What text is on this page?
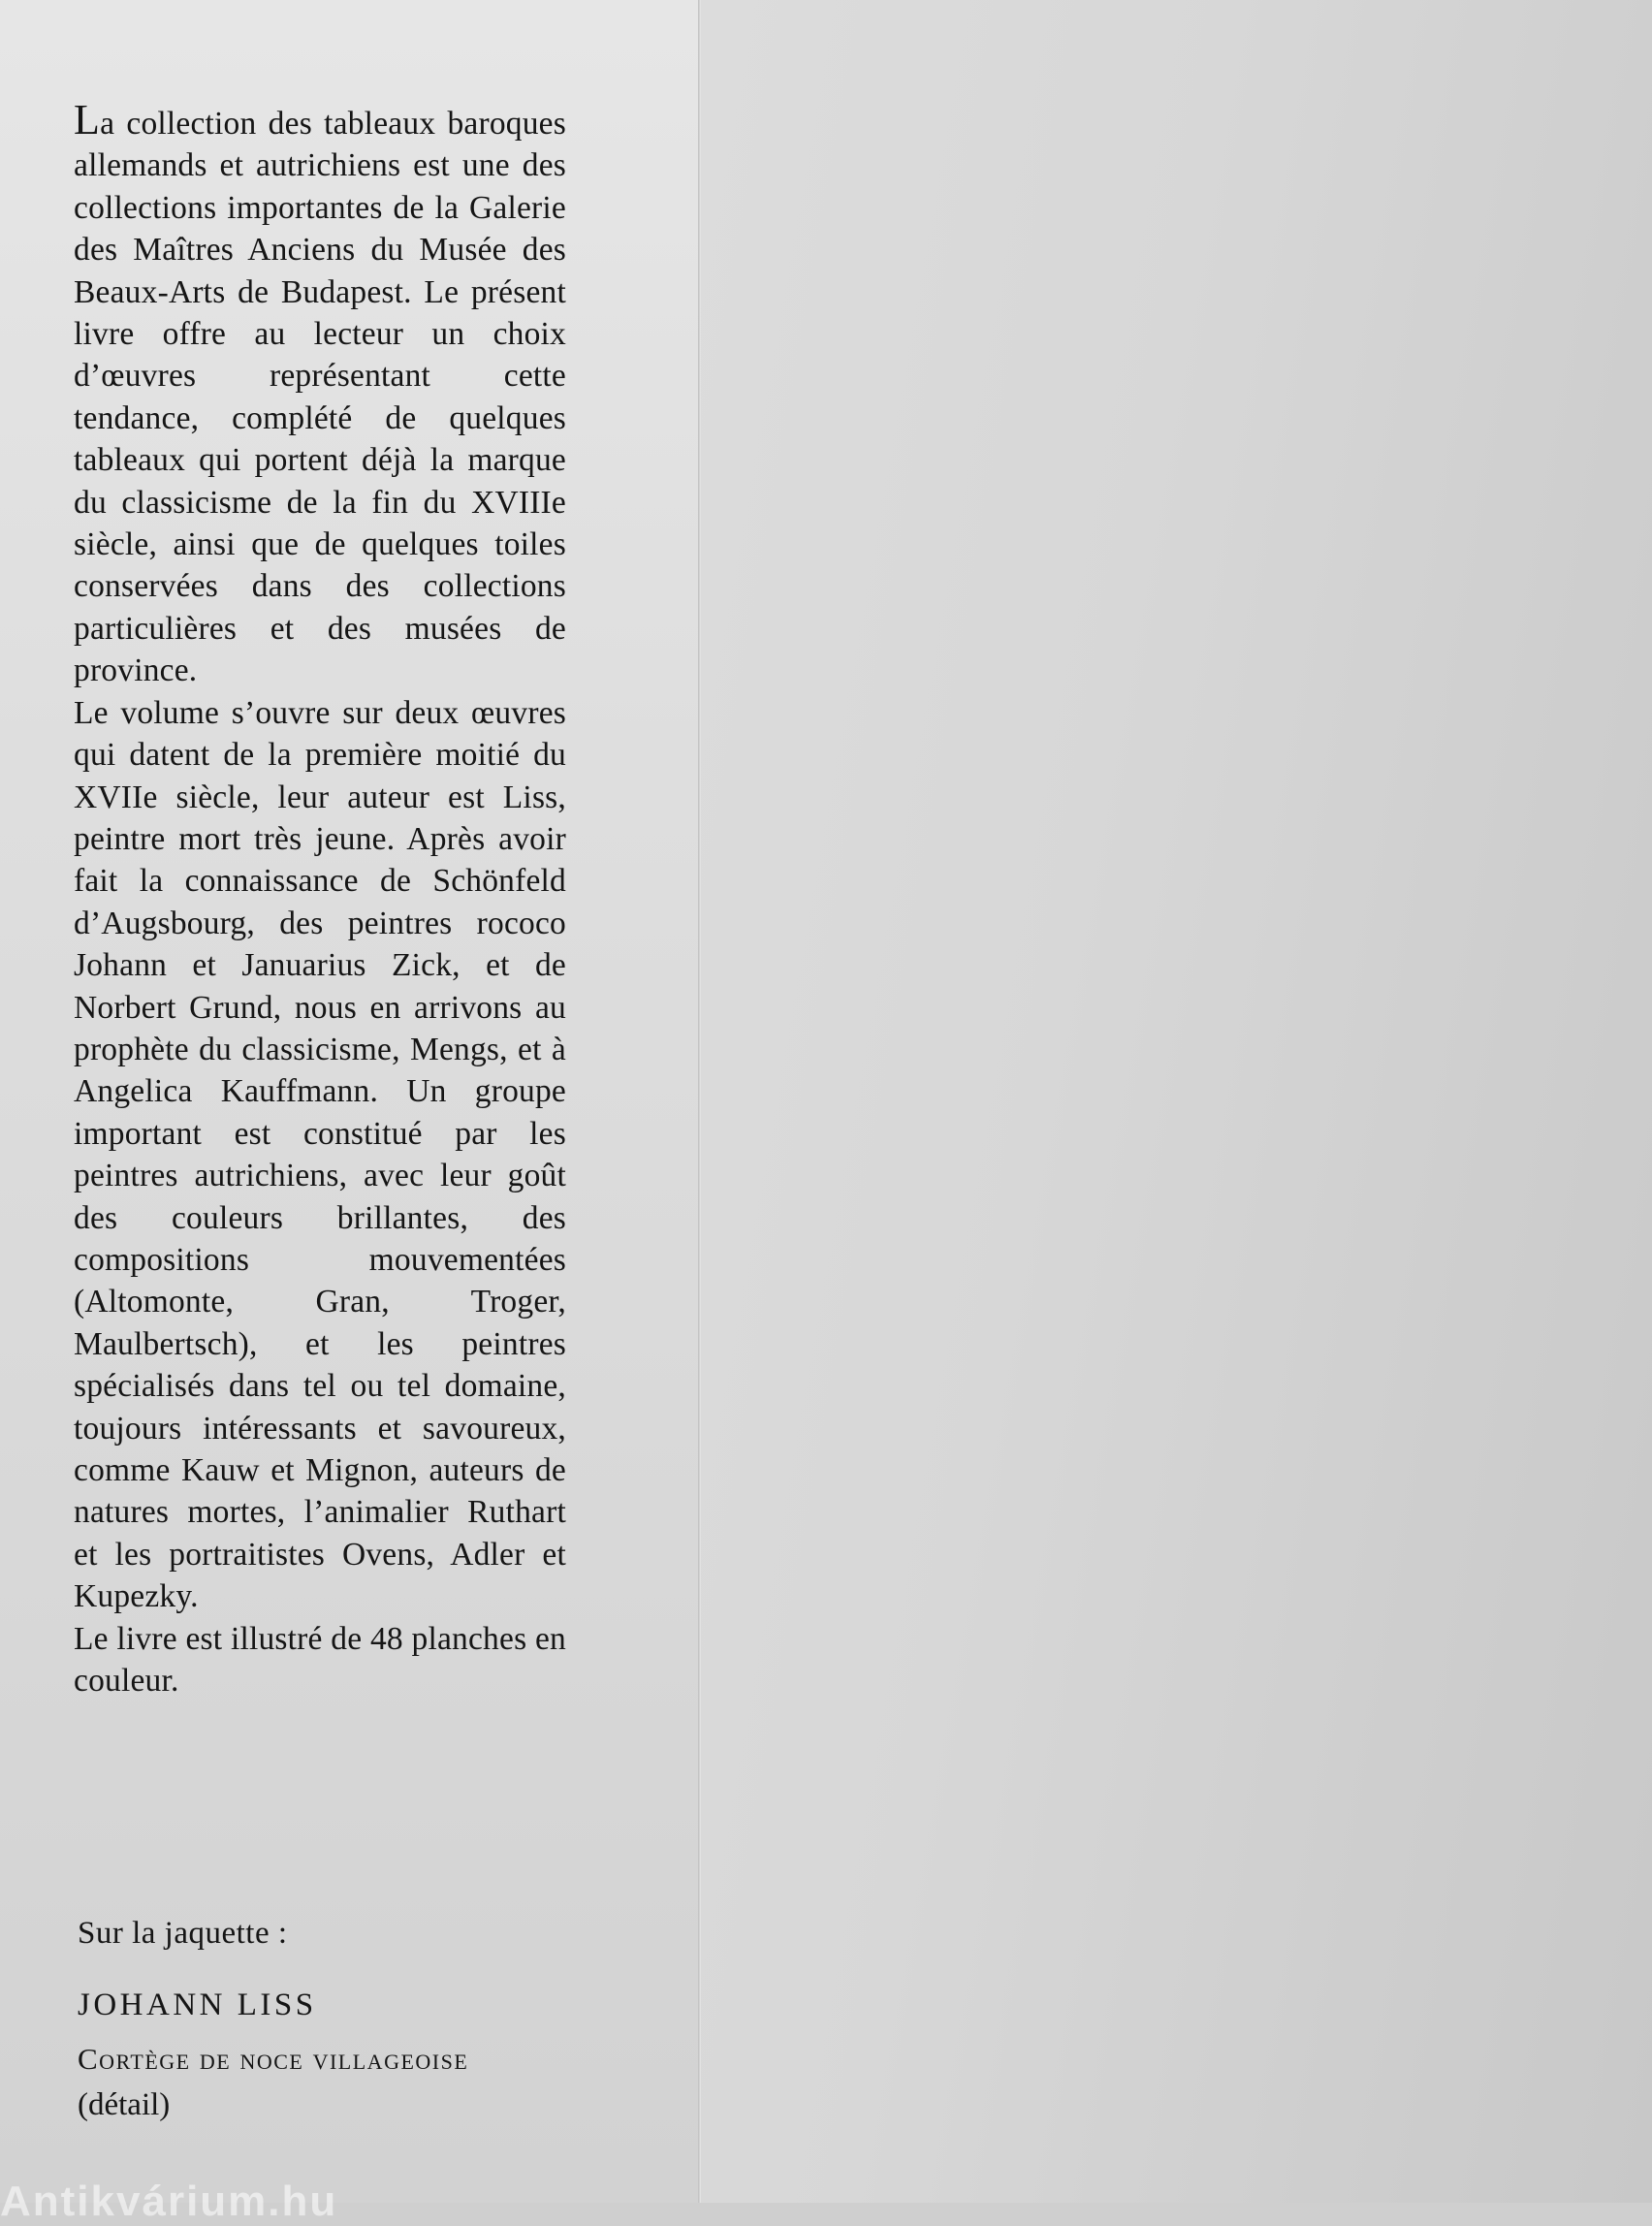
La collection des tableaux baroques allemands et autrichiens est une des collections importantes de la Galerie des Maîtres Anciens du Musée des Beaux-Arts de Budapest. Le présent livre offre au lecteur un choix d’œuvres représentant cette tendance, complété de quelques tableaux qui portent déjà la marque du classicisme de la fin du XVIIIe siècle, ainsi que de quelques toiles conservées dans des collections particulières et des musées de province.

Le volume s’ouvre sur deux œuvres qui datent de la première moitié du XVIIe siècle, leur auteur est Liss, peintre mort très jeune. Après avoir fait la connaissance de Schönfeld d’Augsbourg, des peintres rococo Johann et Januarius Zick, et de Norbert Grund, nous en arrivons au prophète du classicisme, Mengs, et à Angelica Kauffmann. Un groupe important est constitué par les peintres autrichiens, avec leur goût des couleurs brillantes, des compositions mouvementées (Altomonte, Gran, Troger, Maulbertsch), et les peintres spécialisés dans tel ou tel domaine, toujours intéressants et savoureux, comme Kauw et Mignon, auteurs de natures mortes, l’animalier Ruthart et les portraitistes Ovens, Adler et Kupezky.

Le livre est illustré de 48 planches en couleur.

Sur la jaquette :
JOHANN LISS
Cortège de noce villageoise
(détail)
Antikvárium.hu
